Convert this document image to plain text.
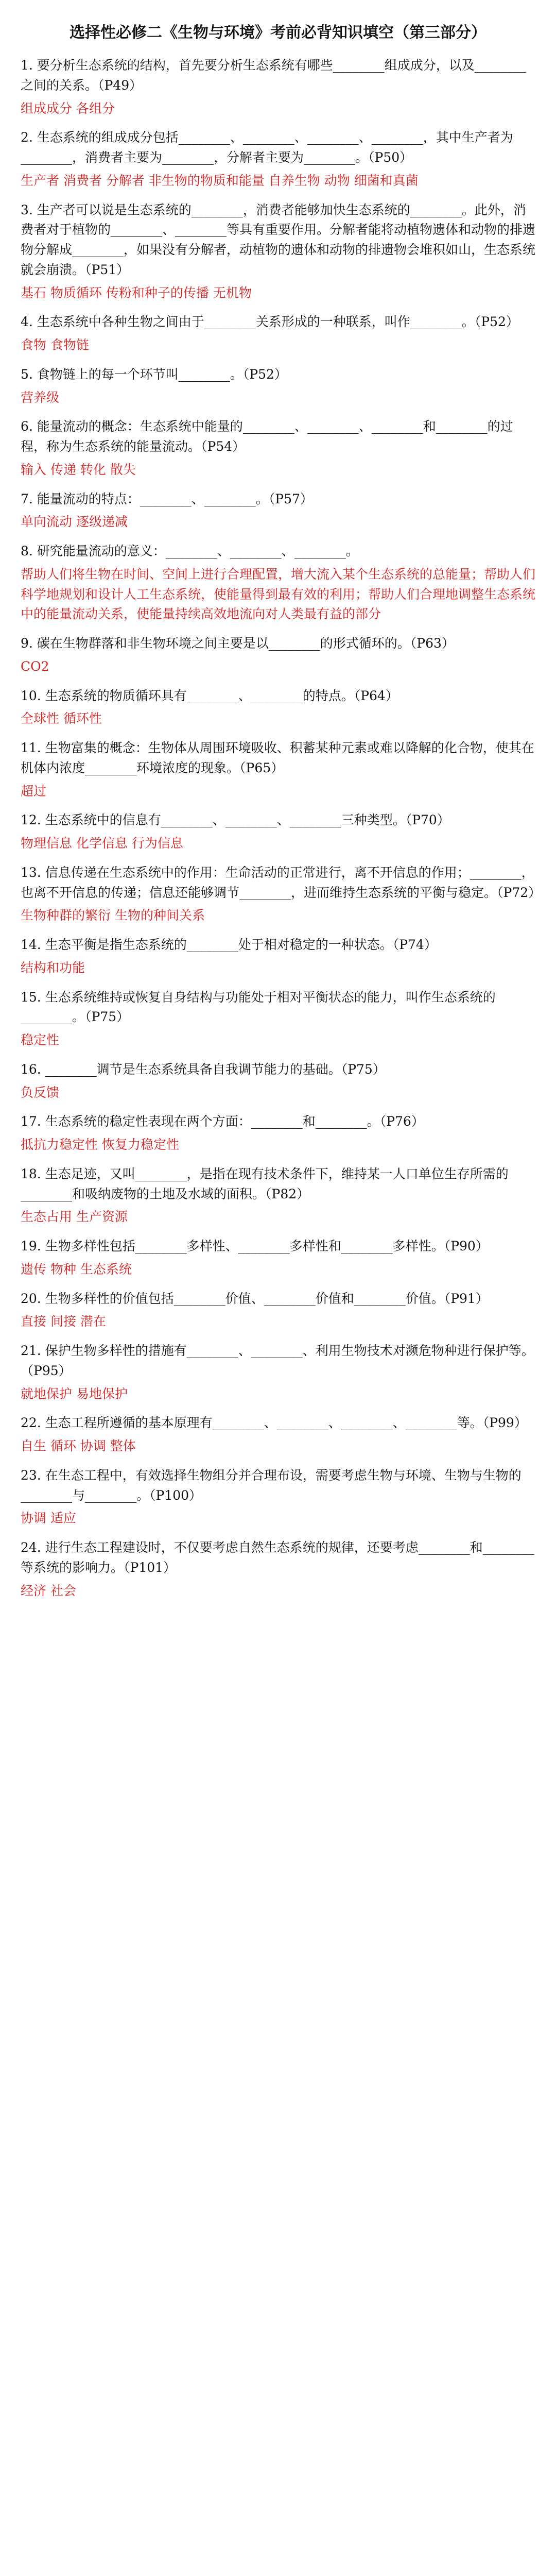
选择性必修二《生物与环境》考前必背知识填空（第三部分）
1. 要分析生态系统的结构，首先要分析生态系统有哪些________组成成分，以及________之间的关系。（P49）
组成成分 各组分
2. 生态系统的组成成分包括________、________、________、________，其中生产者为________，消费者主要为________，分解者主要为________。（P50）
生产者 消费者 分解者 非生物的物质和能量 自养生物 动物 细菌和真菌
3. 生产者可以说是生态系统的________，消费者能够加快生态系统的________。此外，消费者对于植物的________、________等具有重要作用。分解者能将动植物遗体和动物的排遗物分解成________，如果没有分解者，动植物的遗体和动物的排遗物会堆积如山，生态系统就会崩溃。（P51）
基石 物质循环 传粉和种子的传播 无机物
4. 生态系统中各种生物之间由于________关系形成的一种联系，叫作________。（P52）
食物 食物链
5. 食物链上的每一个环节叫________。（P52）
营养级
6. 能量流动的概念：生态系统中能量的________、________、________和________的过程，称为生态系统的能量流动。（P54）
输入 传递 转化 散失
7. 能量流动的特点：________、________。（P57）
单向流动 逐级递减
8. 研究能量流动的意义：________、________、________。
帮助人们将生物在时间、空间上进行合理配置，增大流入某个生态系统的总能量；帮助人们科学地规划和设计人工生态系统，使能量得到最有效的利用；帮助人们合理地调整生态系统中的能量流动关系，使能量持续高效地流向对人类最有益的部分
9. 碳在生物群落和非生物环境之间主要是以________的形式循环的。（P63）
CO2
10. 生态系统的物质循环具有________、________的特点。（P64）
全球性 循环性
11. 生物富集的概念：生物体从周围环境吸收、积蓄某种元素或难以降解的化合物，使其在机体内浓度________环境浓度的现象。（P65）
超过
12. 生态系统中的信息有________、________、________三种类型。（P70）
物理信息 化学信息 行为信息
13. 信息传递在生态系统中的作用：生命活动的正常进行，离不开信息的作用；________，也离不开信息的传递；信息还能够调节________，进而维持生态系统的平衡与稳定。（P72）
生物种群的繁衍 生物的种间关系
14. 生态平衡是指生态系统的________处于相对稳定的一种状态。（P74）
结构和功能
15. 生态系统维持或恢复自身结构与功能处于相对平衡状态的能力，叫作生态系统的________。（P75）
稳定性
16. ________调节是生态系统具备自我调节能力的基础。（P75）
负反馈
17. 生态系统的稳定性表现在两个方面：________和________。（P76）
抵抗力稳定性 恢复力稳定性
18. 生态足迹，又叫________，是指在现有技术条件下，维持某一人口单位生存所需的________和吸纳废物的土地及水域的面积。（P82）
生态占用 生产资源
19. 生物多样性包括________多样性、________多样性和________多样性。（P90）
遗传 物种 生态系统
20. 生物多样性的价值包括________价值、________价值和________价值。（P91）
直接 间接 潜在
21. 保护生物多样性的措施有________、________、利用生物技术对濒危物种进行保护等。（P95）
就地保护 易地保护
22. 生态工程所遵循的基本原理有________、________、________、________等。（P99）
自生 循环 协调 整体
23. 在生态工程中，有效选择生物组分并合理布设，需要考虑生物与环境、生物与生物的________与________。（P100）
协调 适应
24. 进行生态工程建设时，不仅要考虑自然生态系统的规律，还要考虑________和________等系统的影响力。（P101）
经济 社会
